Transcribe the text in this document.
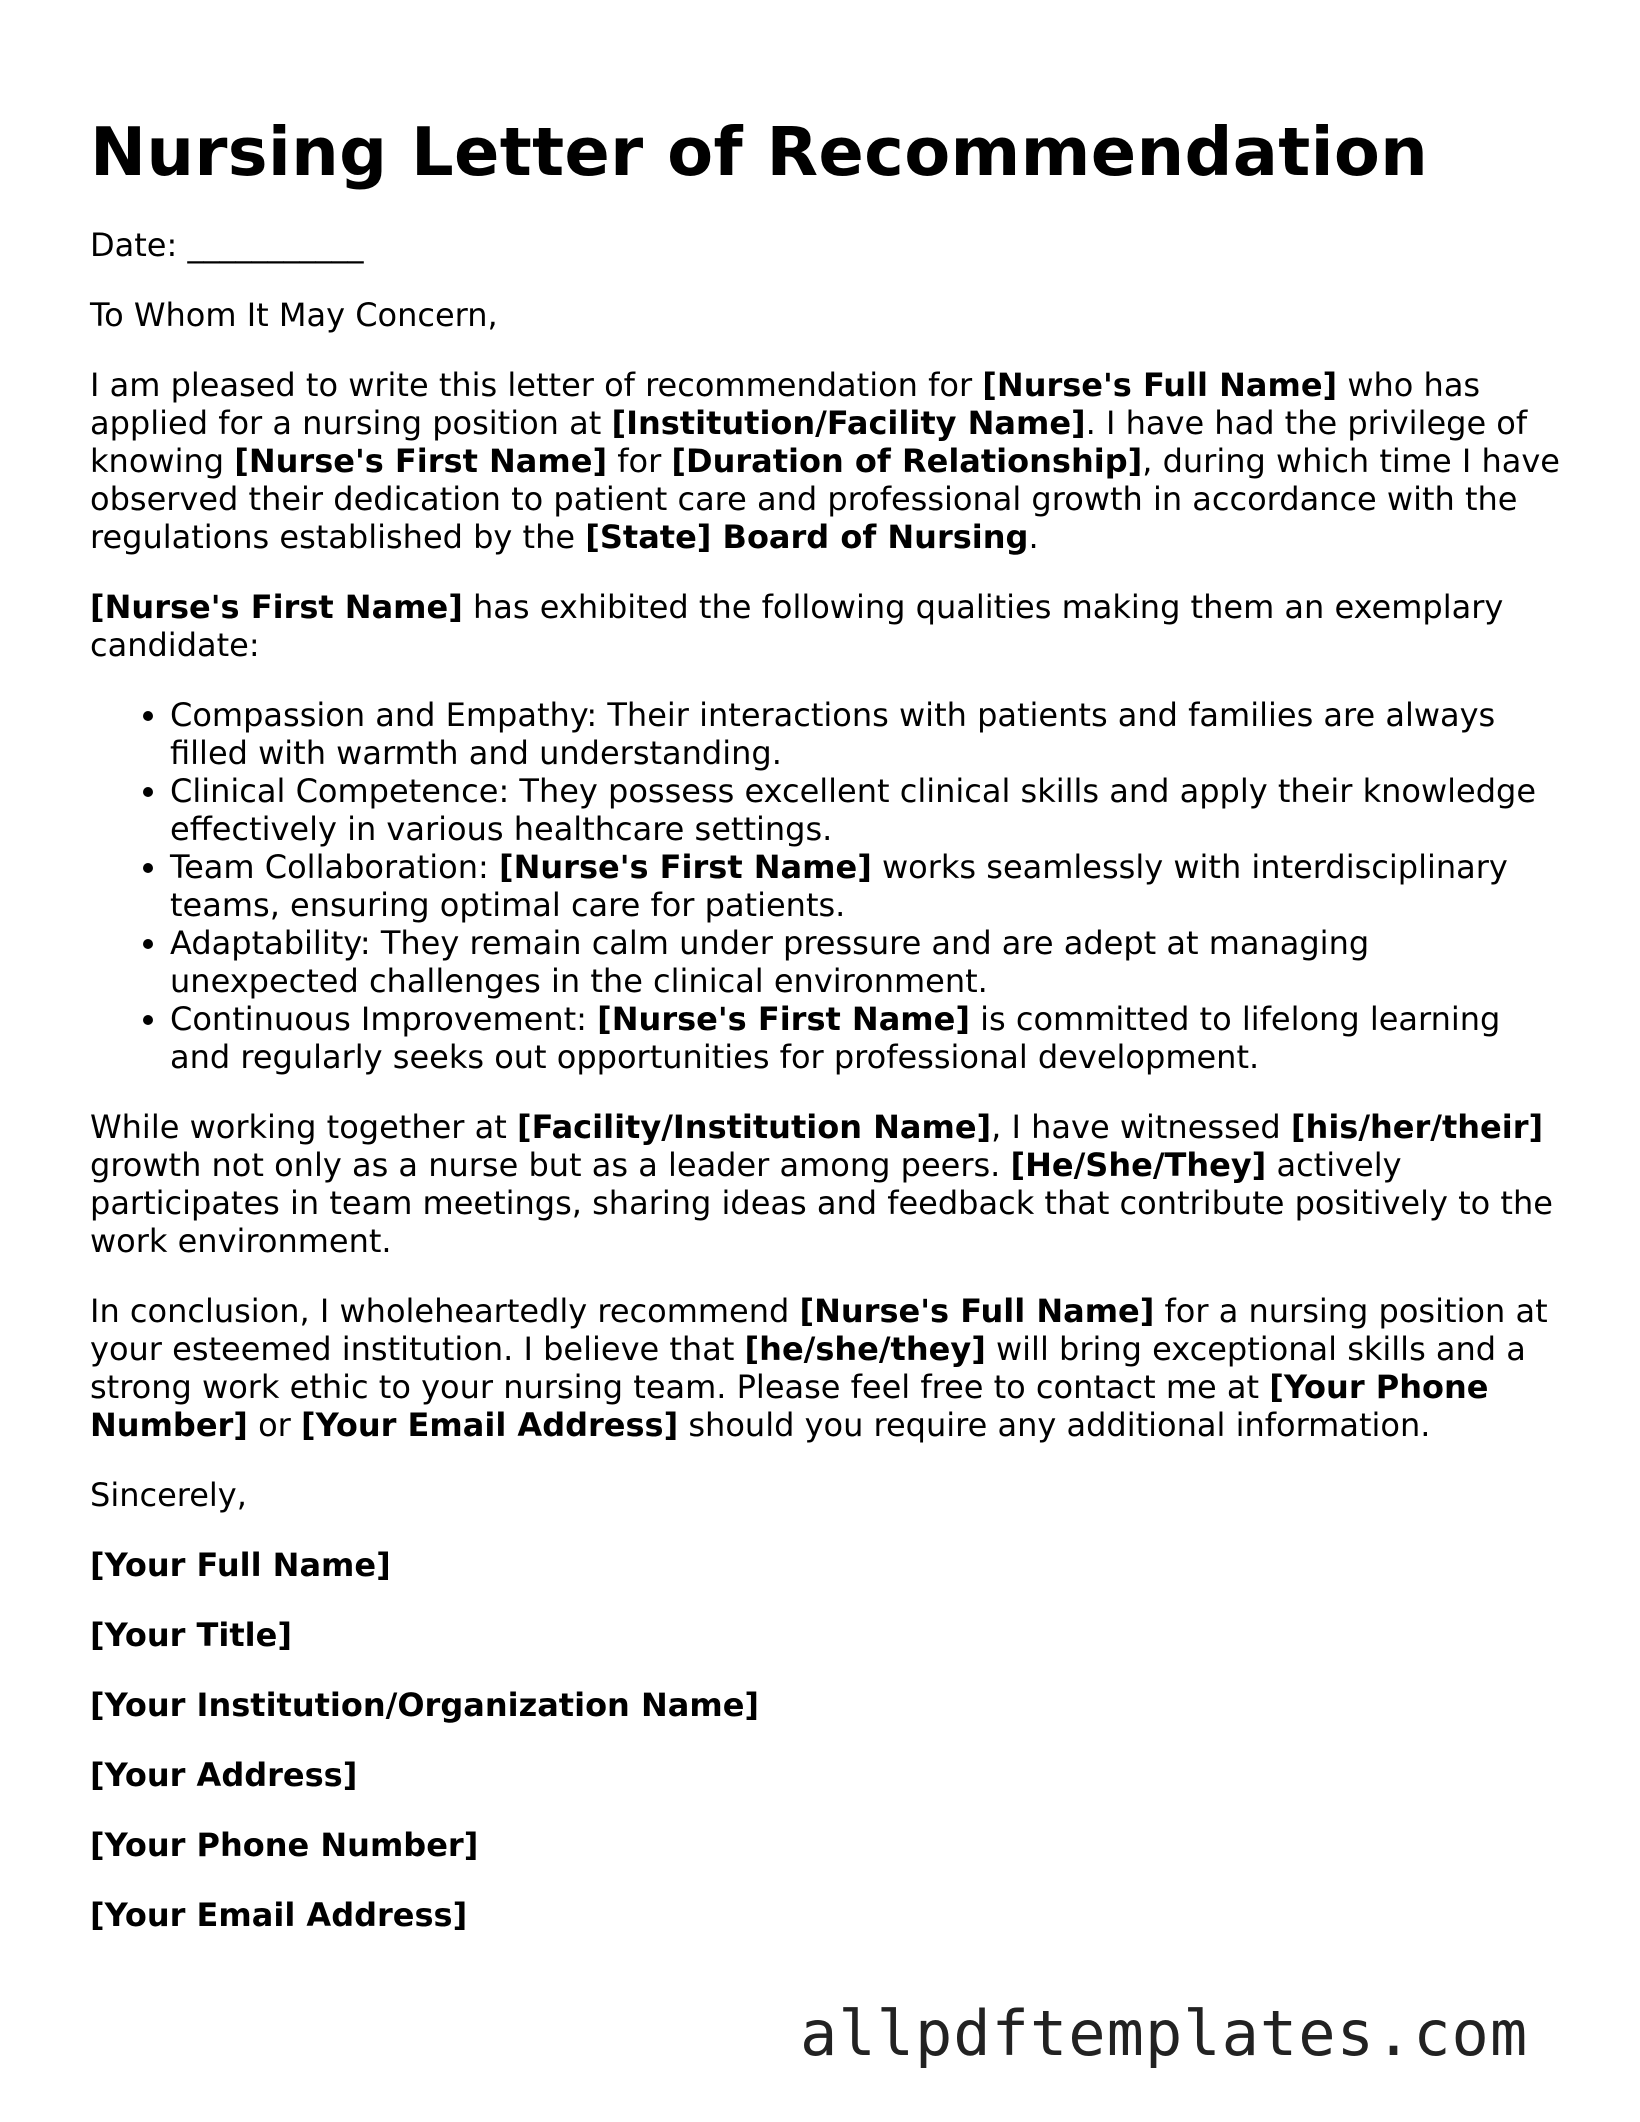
Nursing Letter of Recommendation

Date: ___________

To Whom It May Concern,

I am pleased to write this letter of recommendation for [Nurse's Full Name] who has applied for a nursing position at [Institution/Facility Name]. I have had the privilege of knowing [Nurse's First Name] for [Duration of Relationship], during which time I have observed their dedication to patient care and professional growth in accordance with the regulations established by the [State] Board of Nursing.

[Nurse's First Name] has exhibited the following qualities making them an exemplary candidate:

• Compassion and Empathy: Their interactions with patients and families are always filled with warmth and understanding.
• Clinical Competence: They possess excellent clinical skills and apply their knowledge effectively in various healthcare settings.
• Team Collaboration: [Nurse's First Name] works seamlessly with interdisciplinary teams, ensuring optimal care for patients.
• Adaptability: They remain calm under pressure and are adept at managing unexpected challenges in the clinical environment.
• Continuous Improvement: [Nurse's First Name] is committed to lifelong learning and regularly seeks out opportunities for professional development.

While working together at [Facility/Institution Name], I have witnessed [his/her/their] growth not only as a nurse but as a leader among peers. [He/She/They] actively participates in team meetings, sharing ideas and feedback that contribute positively to the work environment.

In conclusion, I wholeheartedly recommend [Nurse's Full Name] for a nursing position at your esteemed institution. I believe that [he/she/they] will bring exceptional skills and a strong work ethic to your nursing team. Please feel free to contact me at [Your Phone Number] or [Your Email Address] should you require any additional information.

Sincerely,

[Your Full Name]

[Your Title]

[Your Institution/Organization Name]

[Your Address]

[Your Phone Number]

[Your Email Address]

allpdftemplates.com
